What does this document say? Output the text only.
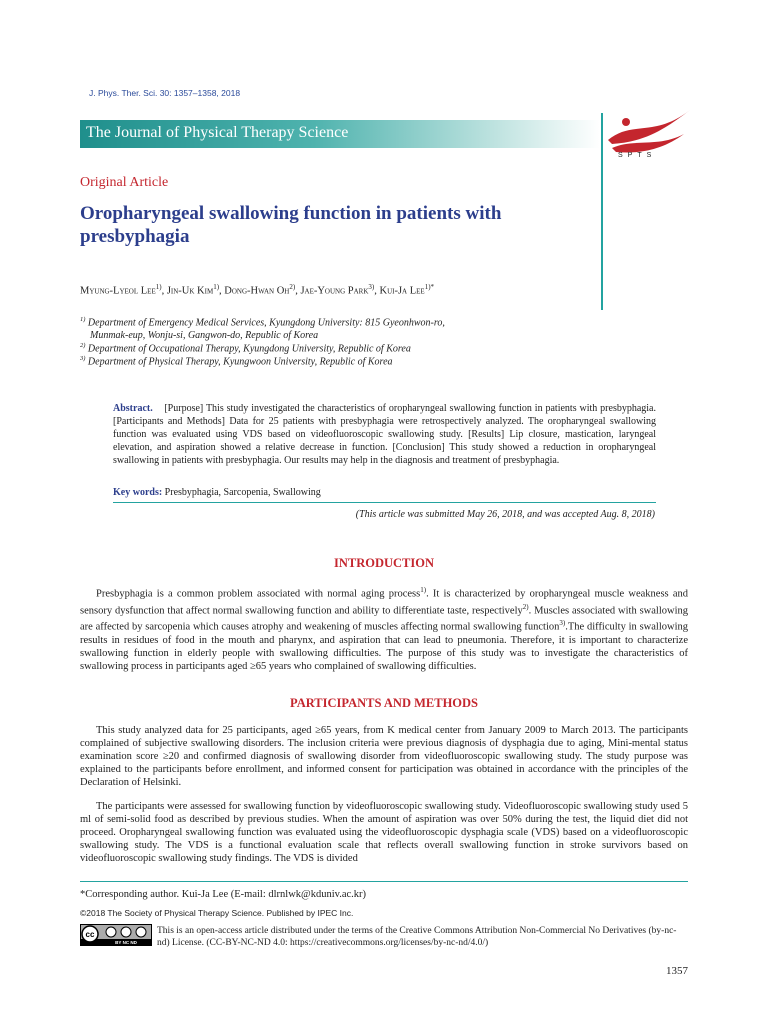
J. Phys. Ther. Sci. 30: 1357–1358, 2018
The Journal of Physical Therapy Science
SPTS
Original Article
Oropharyngeal swallowing function in patients with presbyphagia
Myung-Lyeol Lee$^{1)}$, Jin-Uk Kim$^{1)}$, Dong-Hwan Oh$^{2)}$, Jae-Young Park$^{3)}$, Kui-Ja Lee$^{1)*}$
$^{1)}$ Department of Emergency Medical Services, Kyungdong University: 815 Gyeonhwon-ro,
Munmak-eup, Wonju-si, Gangwon-do, Republic of Korea
$^{2)}$ Department of Occupational Therapy, Kyungdong University, Republic of Korea
$^{3)}$ Department of Physical Therapy, Kyungwoon University, Republic of Korea
Abstract. [Purpose] This study investigated the characteristics of oropharyngeal swallowing function in patients with presbyphagia. [Participants and Methods] Data for 25 patients with presbyphagia were retrospectively analyzed. The oropharyngeal swallowing function was evaluated using VDS based on videofluoroscopic swallowing study. [Results] Lip closure, mastication, laryngeal elevation, and aspiration showed a relative decrease in function. [Conclusion] This study showed a reduction in oropharyngeal swallowing in patients with presbyphagia. Our results may help in the diagnosis and treatment of presbyphagia.
Key words: Presbyphagia, Sarcopenia, Swallowing
(This article was submitted May 26, 2018, and was accepted Aug. 8, 2018)
INTRODUCTION
Presbyphagia is a common problem associated with normal aging process$^{1)}$. It is characterized by oropharyngeal muscle weakness and sensory dysfunction that affect normal swallowing function and ability to differentiate taste, respectively$^{2)}$. Muscles associated with swallowing are affected by sarcopenia which causes atrophy and weakening of muscles affecting normal swallowing function$^{3)}$.The difficulty in swallowing results in residues of food in the mouth and pharynx, and aspiration that can lead to pneumonia. Therefore, it is important to characterize swallowing function in elderly people with swallowing difficulties. The purpose of this study was to investigate the characteristics of swallowing process in participants aged ≥65 years who complained of swallowing difficulties.
PARTICIPANTS AND METHODS
This study analyzed data for 25 participants, aged ≥65 years, from K medical center from January 2009 to March 2013. The participants complained of subjective swallowing disorders. The inclusion criteria were previous diagnosis of dysphagia due to aging, Mini-mental status examination score ≥20 and confirmed diagnosis of swallowing disorder from videofluoroscopic swallowing study. The study purpose was explained to the participants before enrollment, and informed consent for participation was obtained in accordance with the principles of the Declaration of Helsinki.
The participants were assessed for swallowing function by videofluoroscopic swallowing study. Videofluoroscopic swallowing study used 5 ml of semi-solid food as described by previous studies. When the amount of aspiration was over 50% during the test, the liquid diet did not proceed. Oropharyngeal swallowing function was evaluated using the videofluoroscopic dysphagia scale (VDS) based on a videofluoroscopic swallowing study. The VDS is a functional evaluation scale that reflects overall swallowing function in stroke survivors based on videofluoroscopic swallowing study findings. The VDS is divided
*Corresponding author. Kui-Ja Lee (E-mail: dlrnlwk@kduniv.ac.kr)
©2018 The Society of Physical Therapy Science. Published by IPEC Inc.
cc
BY NC ND
This is an open-access article distributed under the terms of the Creative Commons Attribution Non-Commercial No Derivatives (by-nc-nd) License. (CC-BY-NC-ND 4.0: https://creativecommons.org/licenses/by-nc-nd/4.0/)
1357
